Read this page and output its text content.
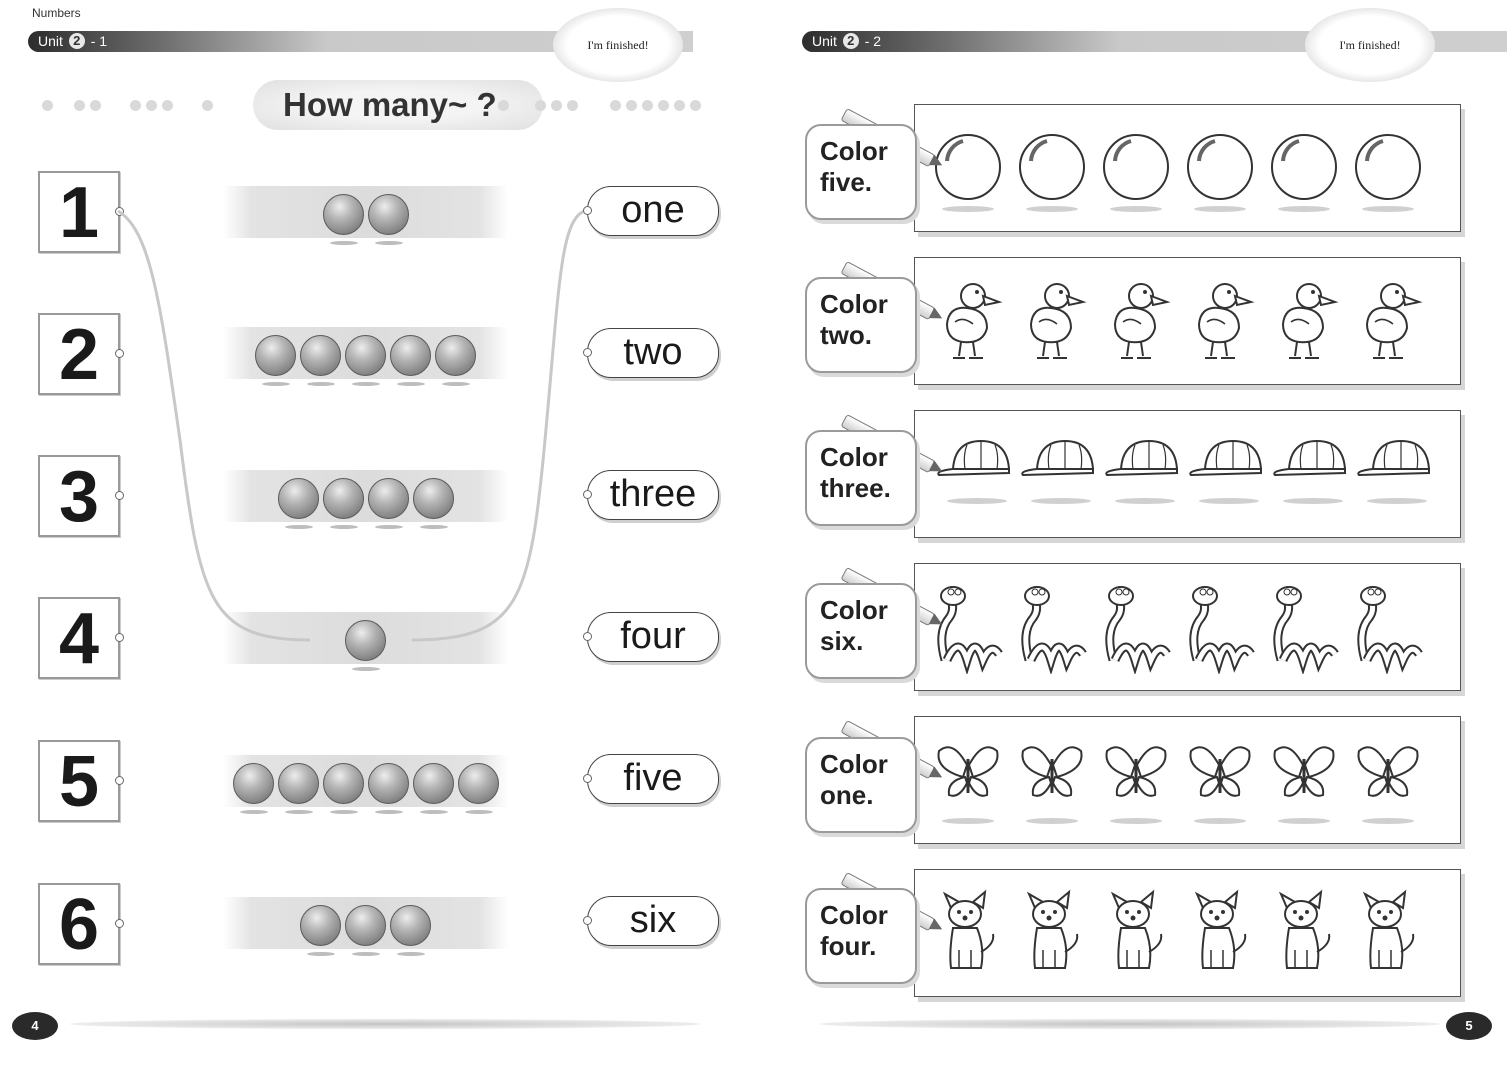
Numbers
Unit 2 - 1	I'm finished!	Unit 2 - 2	I'm finished!
How many~ ?
1
2
3
4
5
6
one
two
three
four
five
six
Color
five.
Color
two.
Color
three.
Color
six.
Color
one.
Color
four.
4	5
